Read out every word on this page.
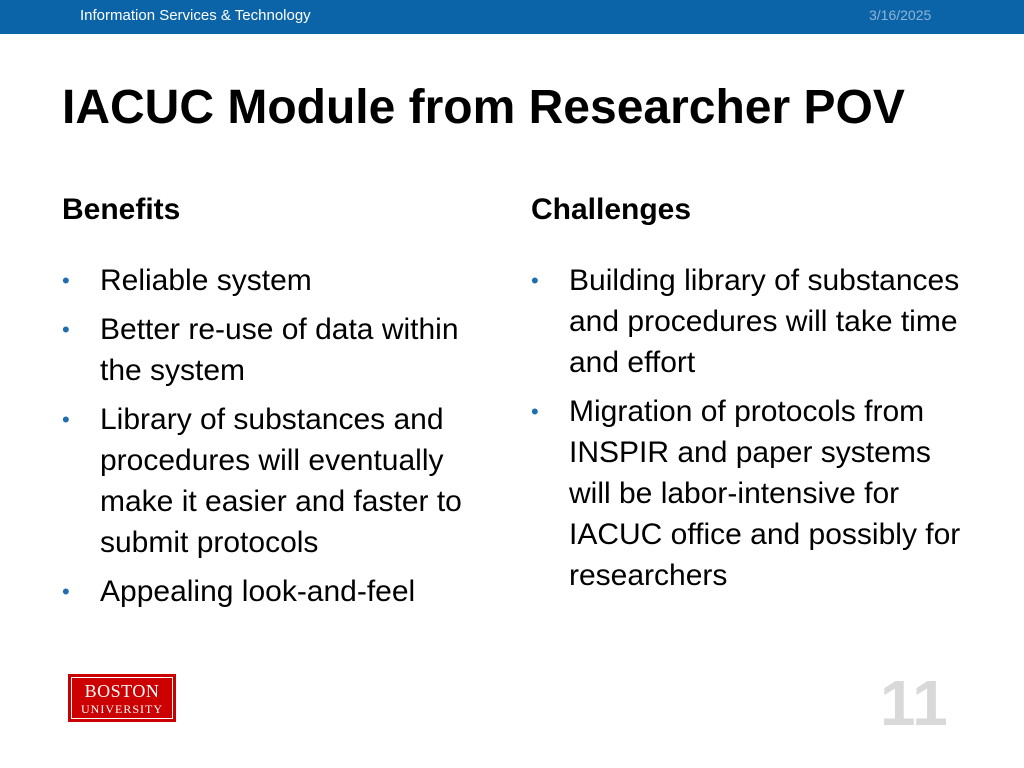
Information Services & Technology	3/16/2025
IACUC Module from Researcher POV
Benefits	Challenges
• Reliable system
• Better re-use of data within the system
• Library of substances and procedures will eventually make it easier and faster to submit protocols
• Appealing look-and-feel
• Building library of substances and procedures will take time and effort
• Migration of protocols from INSPIR and paper systems will be labor-intensive for IACUC office and possibly for researchers
BOSTON
UNIVERSITY	11
